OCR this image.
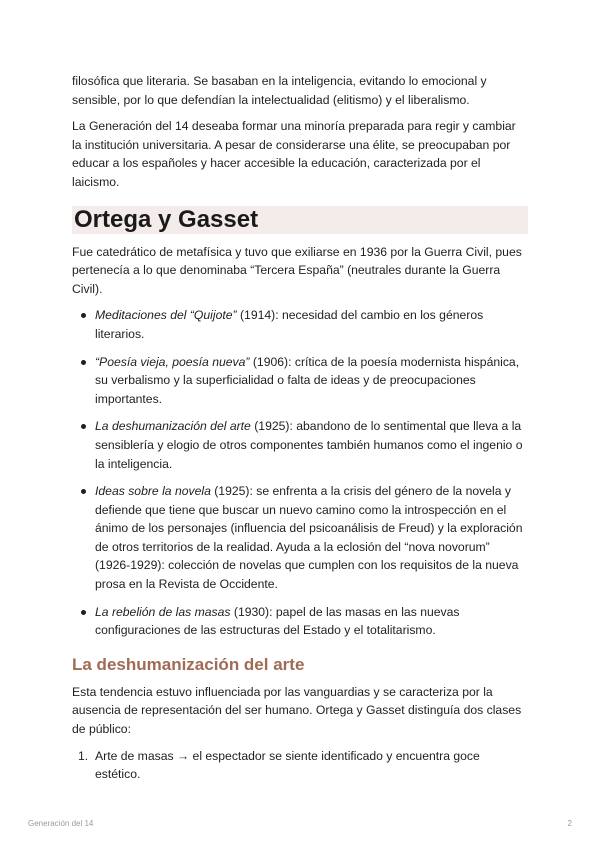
filosófica que literaria. Se basaban en la inteligencia, evitando lo emocional y sensible, por lo que defendían la intelectualidad (elitismo) y el liberalismo.

La Generación del 14 deseaba formar una minoría preparada para regir y cambiar la institución universitaria. A pesar de considerarse una élite, se preocupaban por educar a los españoles y hacer accesible la educación, caracterizada por el laicismo.

Ortega y Gasset

Fue catedrático de metafísica y tuvo que exiliarse en 1936 por la Guerra Civil, pues pertenecía a lo que denominaba “Tercera España” (neutrales durante la Guerra Civil).

Meditaciones del “Quijote” (1914): necesidad del cambio en los géneros literarios.
“Poesía vieja, poesía nueva” (1906): crítica de la poesía modernista hispánica, su verbalismo y la superficialidad o falta de ideas y de preocupaciones importantes.
La deshumanización del arte (1925): abandono de lo sentimental que lleva a la sensiblería y elogio de otros componentes también humanos como el ingenio o la inteligencia.
Ideas sobre la novela (1925): se enfrenta a la crisis del género de la novela y defiende que tiene que buscar un nuevo camino como la introspección en el ánimo de los personajes (influencia del psicoanálisis de Freud) y la exploración de otros territorios de la realidad. Ayuda a la eclosión del “nova novorum” (1926-1929): colección de novelas que cumplen con los requisitos de la nueva prosa en la Revista de Occidente.
La rebelión de las masas (1930): papel de las masas en las nuevas configuraciones de las estructuras del Estado y el totalitarismo.
La deshumanización del arte

Esta tendencia estuvo influenciada por las vanguardias y se caracteriza por la ausencia de representación del ser humano. Ortega y Gasset distinguía dos clases de público:

1. Arte de masas → el espectador se siente identificado y encuentra goce estético.
Generación del 14	2
